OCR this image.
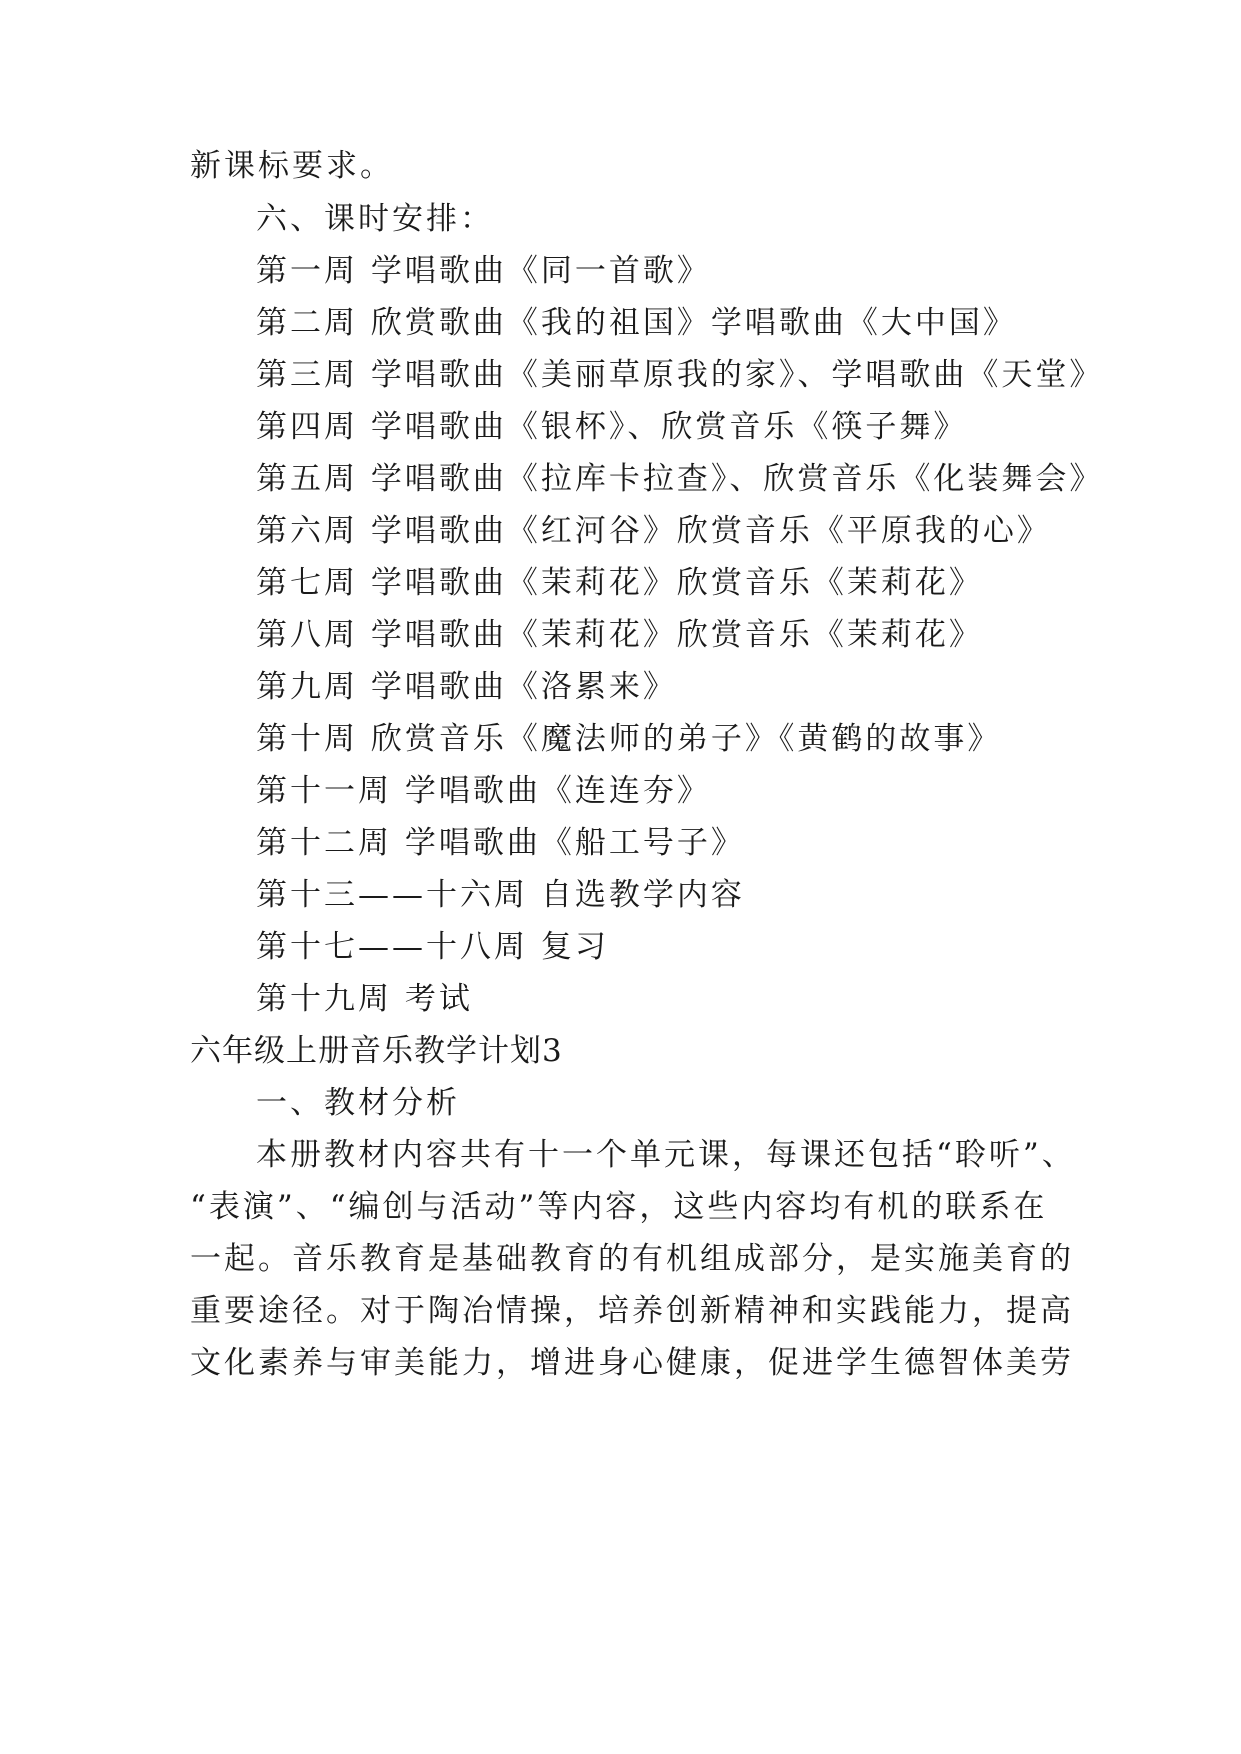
新课标要求。
六、课时安排：
第一周 学唱歌曲《同一首歌》
第二周 欣赏歌曲《我的祖国》学唱歌曲《大中国》
第三周 学唱歌曲《美丽草原我的家》、学唱歌曲《天堂》
第四周 学唱歌曲《银杯》、欣赏音乐《筷子舞》
第五周 学唱歌曲《拉库卡拉查》、欣赏音乐《化装舞会》
第六周 学唱歌曲《红河谷》欣赏音乐《平原我的心》
第七周 学唱歌曲《茉莉花》欣赏音乐《茉莉花》
第八周 学唱歌曲《茉莉花》欣赏音乐《茉莉花》
第九周 学唱歌曲《洛累来》
第十周 欣赏音乐《魔法师的弟子》《黄鹤的故事》
第十一周 学唱歌曲《连连夯》
第十二周 学唱歌曲《船工号子》
第十三——十六周 自选教学内容
第十七——十八周 复习
第十九周 考试
六年级上册音乐教学计划3
一、教材分析
本册教材内容共有十一个单元课，每课还包括“聆听”、
“表演”、“编创与活动”等内容，这些内容均有机的联系在
一起。音乐教育是基础教育的有机组成部分，是实施美育的
重要途径。对于陶冶情操，培养创新精神和实践能力，提高
文化素养与审美能力，增进身心健康，促进学生德智体美劳
